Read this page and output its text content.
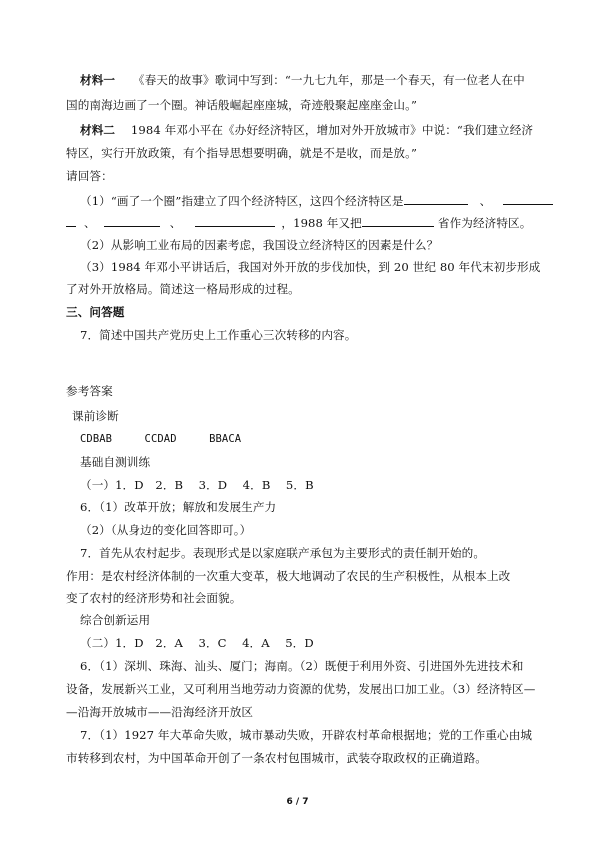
材料一 《春天的故事》歌词中写到：“一九七九年，那是一个春天，有一位老人在中
国的南海边画了一个圈。神话般崛起座座城，奇迹般聚起座座金山。”
材料二 1984 年邓小平在《办好经济特区，增加对外开放城市》中说：“我们建立经济
特区，实行开放政策，有个指导思想要明确，就是不是收，而是放。”
请回答：
（1）“画了一个圈”指建立了四个经济特区，这四个经济特区是	、
、	、	，1988 年又把	省作为经济特区。
（2）从影响工业布局的因素考虑，我国设立经济特区的因素是什么？
（3）1984 年邓小平讲话后，我国对外开放的步伐加快，到 20 世纪 80 年代末初步形成
了对外开放格局。简述这一格局形成的过程。
三、问答题
7．简述中国共产党历史上工作重心三次转移的内容。
参考答案
课前诊断
CDBAB	CCDAD	BBACA
基础自测训练
（一）1．D　2．B　 3．D　 4．B　 5．B
6．（1）改革开放；解放和发展生产力
（2）（从身边的变化回答即可。）
7．首先从农村起步。表现形式是以家庭联产承包为主要形式的责任制开始的。
作用：是农村经济体制的一次重大变革，极大地调动了农民的生产积极性，从根本上改
变了农村的经济形势和社会面貌。
综合创新运用
（二）1．D　2．A　 3．C　 4．A　 5．D
6．（1）深圳、珠海、汕头、厦门；海南。（2）既便于利用外资、引进国外先进技术和
设备，发展新兴工业，又可利用当地劳动力资源的优势，发展出口加工业。（3）经济特区—
—沿海开放城市——沿海经济开放区
7．（1）1927 年大革命失败，城市暴动失败，开辟农村革命根据地；党的工作重心由城
市转移到农村，为中国革命开创了一条农村包围城市，武装夺取政权的正确道路。
6 / 7
